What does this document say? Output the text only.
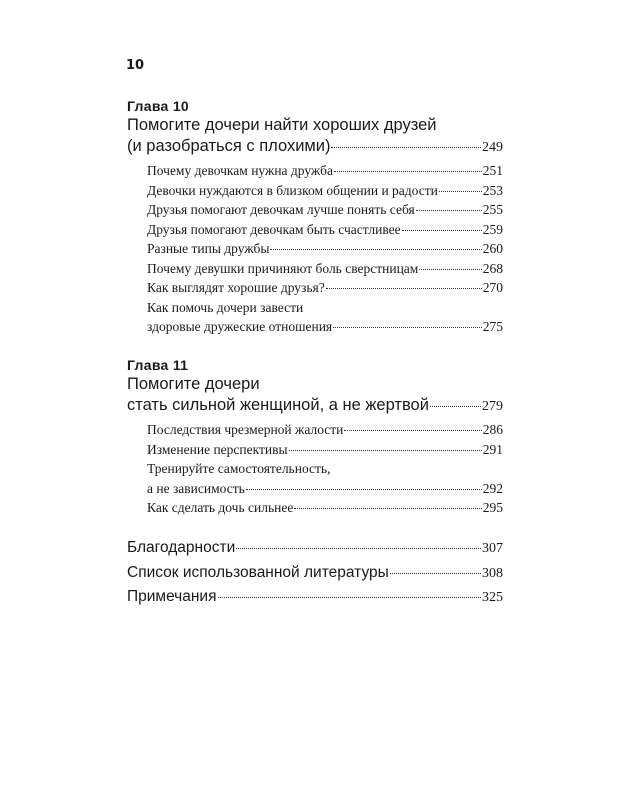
10
Глава 10
Помогите дочери найти хороших друзей
(и разобраться с плохими)	249
Почему девочкам нужна дружба	251
Девочки нуждаются в близком общении и радости	253
Друзья помогают девочкам лучше понять себя	255
Друзья помогают девочкам быть счастливее	259
Разные типы дружбы	260
Почему девушки причиняют боль сверстницам	268
Как выглядят хорошие друзья?	270
Как помочь дочери завести
здоровые дружеские отношения	275
Глава 11
Помогите дочери
стать сильной женщиной, а не жертвой	279
Последствия чрезмерной жалости	286
Изменение перспективы	291
Тренируйте самостоятельность,
а не зависимость	292
Как сделать дочь сильнее	295
Благодарности	307
Список использованной литературы	308
Примечания	325
